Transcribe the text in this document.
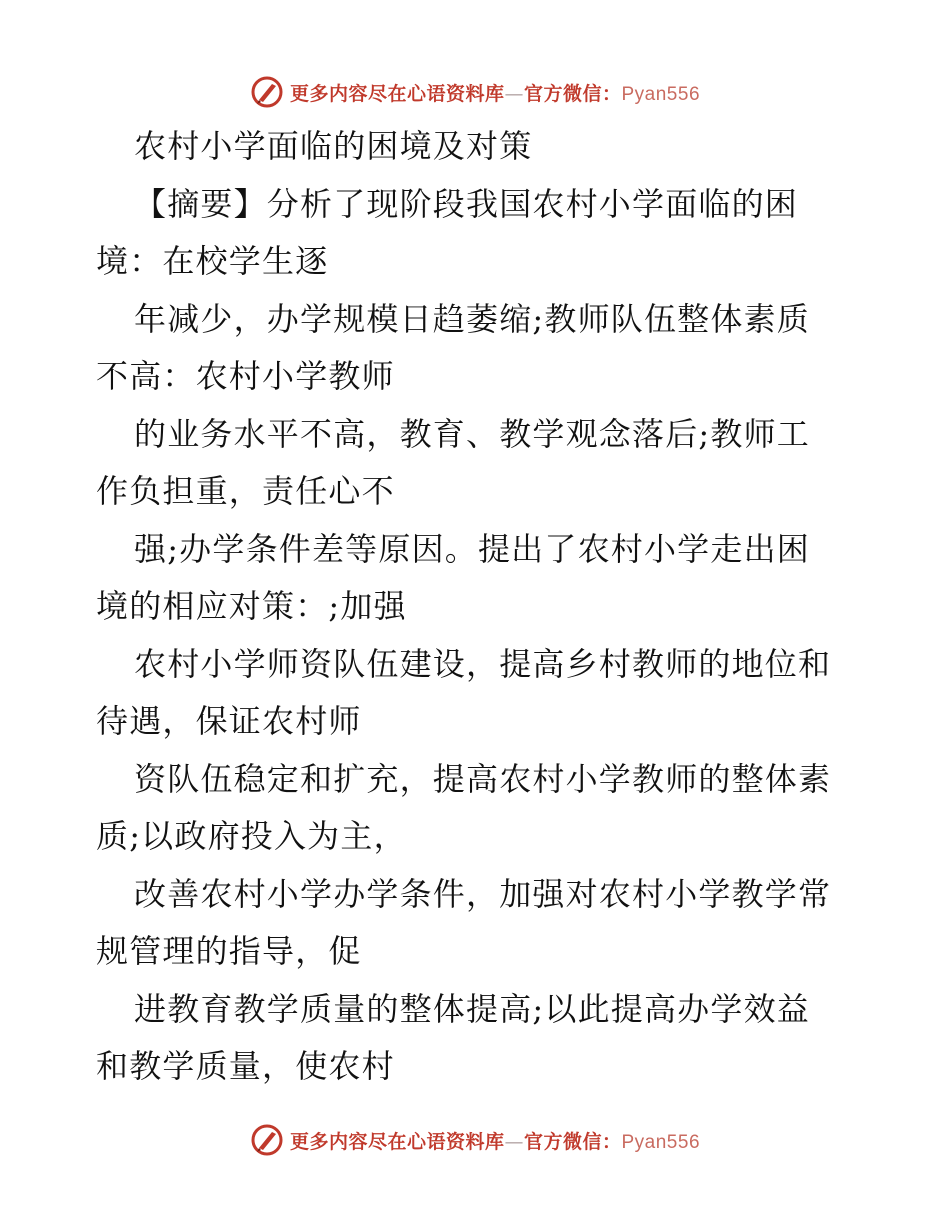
更多内容尽在心语资料库—官方微信：Pyan556
农村小学面临的困境及对策
【摘要】分析了现阶段我国农村小学面临的困
境：在校学生逐
年减少，办学规模日趋萎缩;教师队伍整体素质
不高：农村小学教师
的业务水平不高，教育、教学观念落后;教师工
作负担重，责任心不
强;办学条件差等原因。提出了农村小学走出困
境的相应对策：;加强
农村小学师资队伍建设，提高乡村教师的地位和
待遇，保证农村师
资队伍稳定和扩充，提高农村小学教师的整体素
质;以政府投入为主，
改善农村小学办学条件，加强对农村小学教学常
规管理的指导，促
进教育教学质量的整体提高;以此提高办学效益
和教学质量，使农村
更多内容尽在心语资料库—官方微信：Pyan556
